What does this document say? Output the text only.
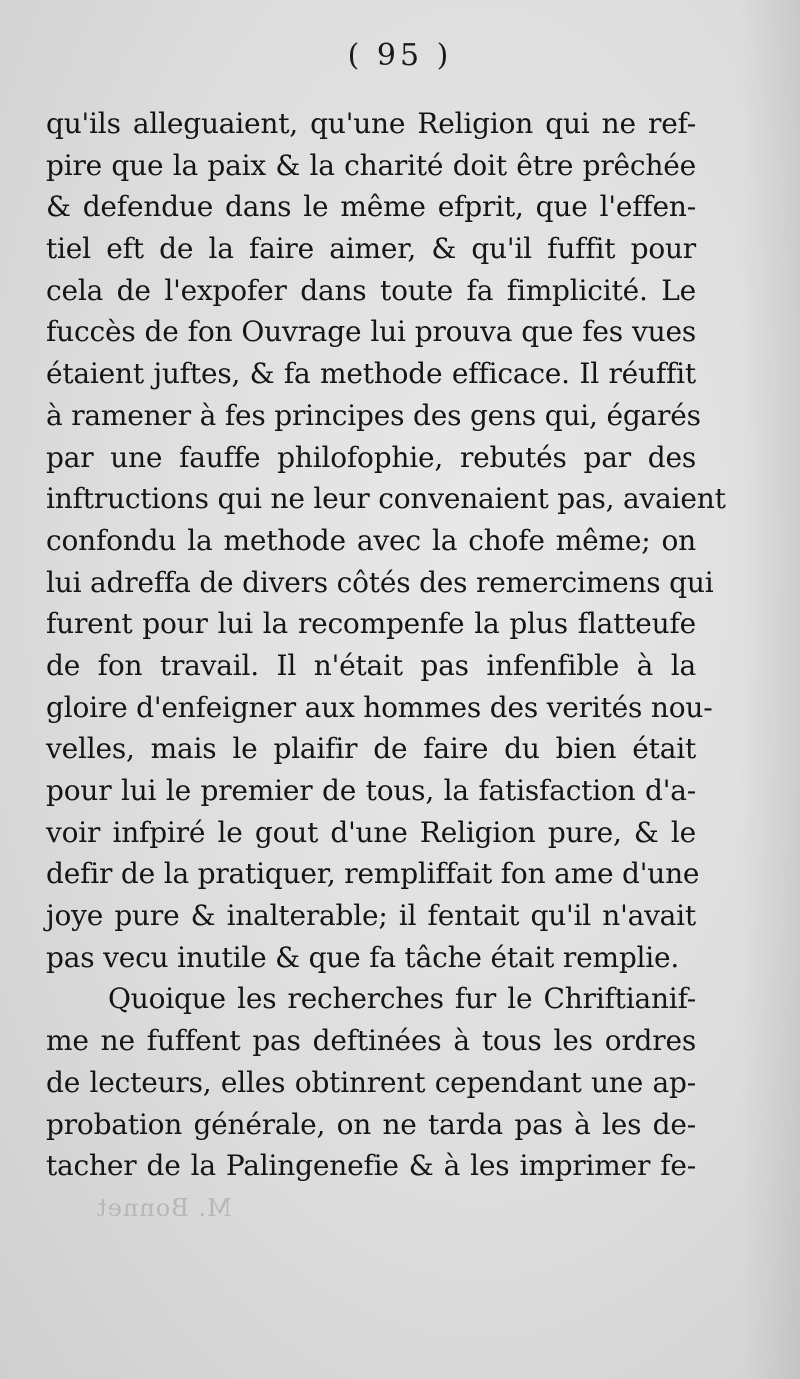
( 95 )
qu'ils alleguaient, qu'une Religion qui ne ref-
pire que la paix & la charité doit être prêchée
& defendue dans le même efprit, que l'effen-
tiel eft de la faire aimer, & qu'il fuffit pour
cela de l'expofer dans toute fa fimplicité. Le
fuccès de fon Ouvrage lui prouva que fes vues
étaient juftes, & fa methode efficace. Il réuffit
à ramener à fes principes des gens qui, égarés
par une fauffe philofophie, rebutés par des
inftructions qui ne leur convenaient pas, avaient
confondu la methode avec la chofe même; on
lui adreffa de divers côtés des remercimens qui
furent pour lui la recompenfe la plus flatteufe
de fon travail. Il n'était pas infenfible à la
gloire d'enfeigner aux hommes des verités nou-
velles, mais le plaifir de faire du bien était
pour lui le premier de tous, la fatisfaction d'a-
voir infpiré le gout d'une Religion pure, & le
defir de la pratiquer, rempliffait fon ame d'une
joye pure & inalterable; il fentait qu'il n'avait
pas vecu inutile & que fa tâche était remplie.
Quoique les recherches fur le Chriftianif-
me ne fuffent pas deftinées à tous les ordres
de lecteurs, elles obtinrent cependant une ap-
probation générale, on ne tarda pas à les de-
tacher de la Palingenefie & à les imprimer fe-
M. Bonnet
